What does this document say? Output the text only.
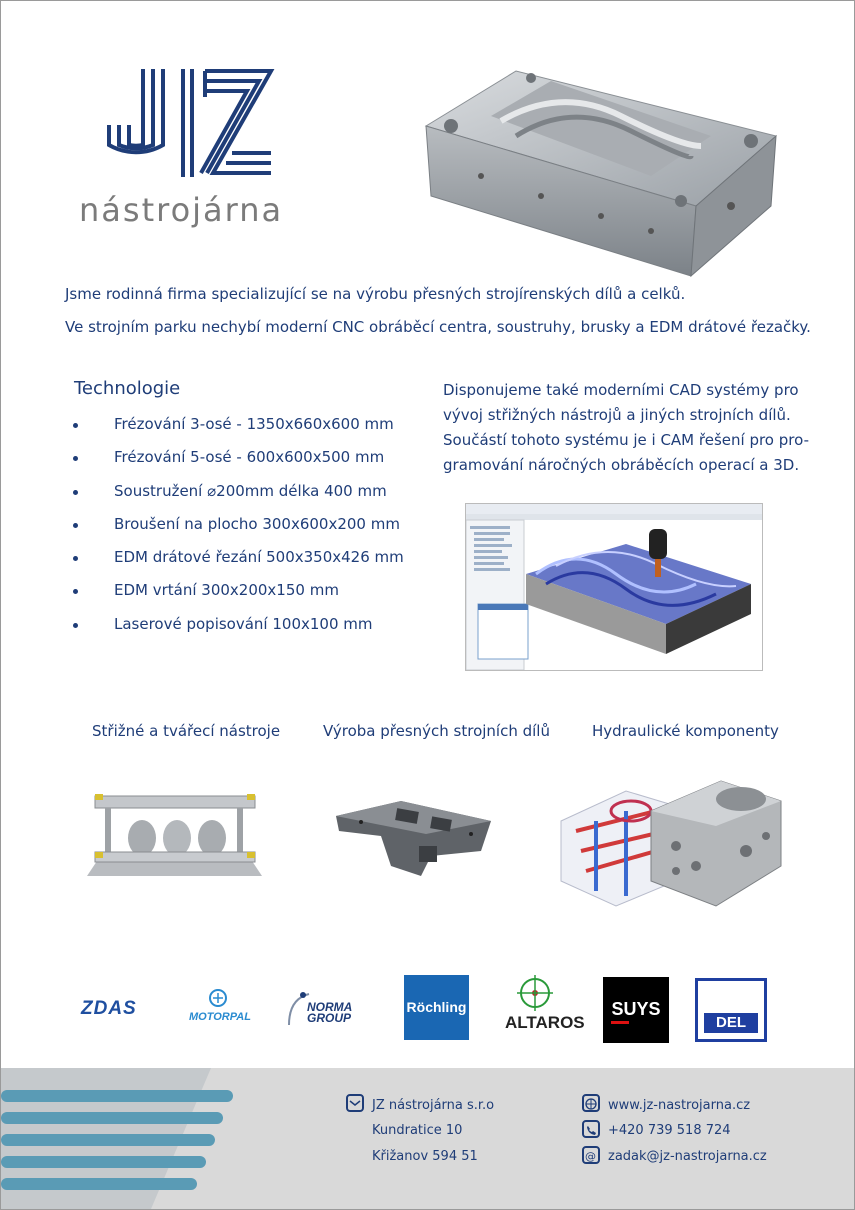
nástrojárna
Jsme rodinná firma specializující se na výrobu přesných strojírenských dílů a celků.
Ve strojním parku nechybí moderní CNC obráběcí centra, soustruhy, brusky a EDM drátové řezačky.
Technologie
Frézování 3-osé - 1350x660x600 mm
Frézování 5-osé - 600x600x500 mm
Soustružení ⌀200mm délka 400 mm
Broušení na plocho 300x600x200 mm
EDM drátové řezání 500x350x426 mm
EDM vrtání 300x200x150 mm
Laserové popisování 100x100 mm
Disponujeme také moderními CAD systémy pro
vývoj střižných nástrojů a jiných strojních dílů.
Součástí tohoto systému je i CAM řešení pro pro-
gramování náročných obráběcích operací a 3D.
Střižné a tvářecí nástroje	Výroba přesných strojních dílů	Hydraulické komponenty
ZDAS	MOTORPAL
NORMA
GROUP
Röchling
ALTAROS
SUYS
DEL
JZ nástrojárna s.r.o
Kundratice 10
Křižanov 594 51
www.jz-nastrojarna.cz
+420 739 518 724
@ zadak@jz-nastrojarna.cz
